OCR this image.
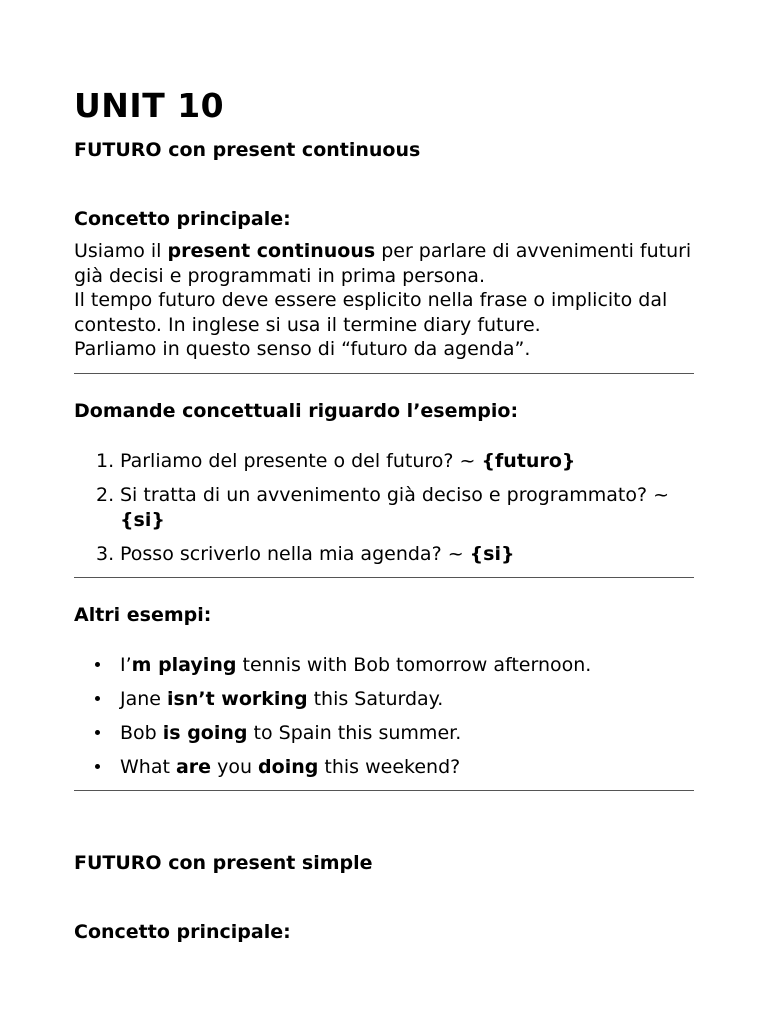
UNIT 10
FUTURO con present continuous
Concetto principale:

Usiamo il present continuous per parlare di avvenimenti futuri già decisi e programmati in prima persona.

Il tempo futuro deve essere esplicito nella frase o implicito dal contesto. In inglese si usa il termine diary future.

Parliamo in questo senso di “futuro da agenda”.

Domande concettuali riguardo l’esempio:
1. Parliamo del presente o del futuro? ~ {futuro}
2. Si tratta di un avvenimento già deciso e programmato? ~ {si}
3. Posso scriverlo nella mia agenda? ~ {si}
Altri esempi:
I’m playing tennis with Bob tomorrow afternoon.
Jane isn’t working this Saturday.
Bob is going to Spain this summer.
What are you doing this weekend?
FUTURO con present simple
Concetto principale:
